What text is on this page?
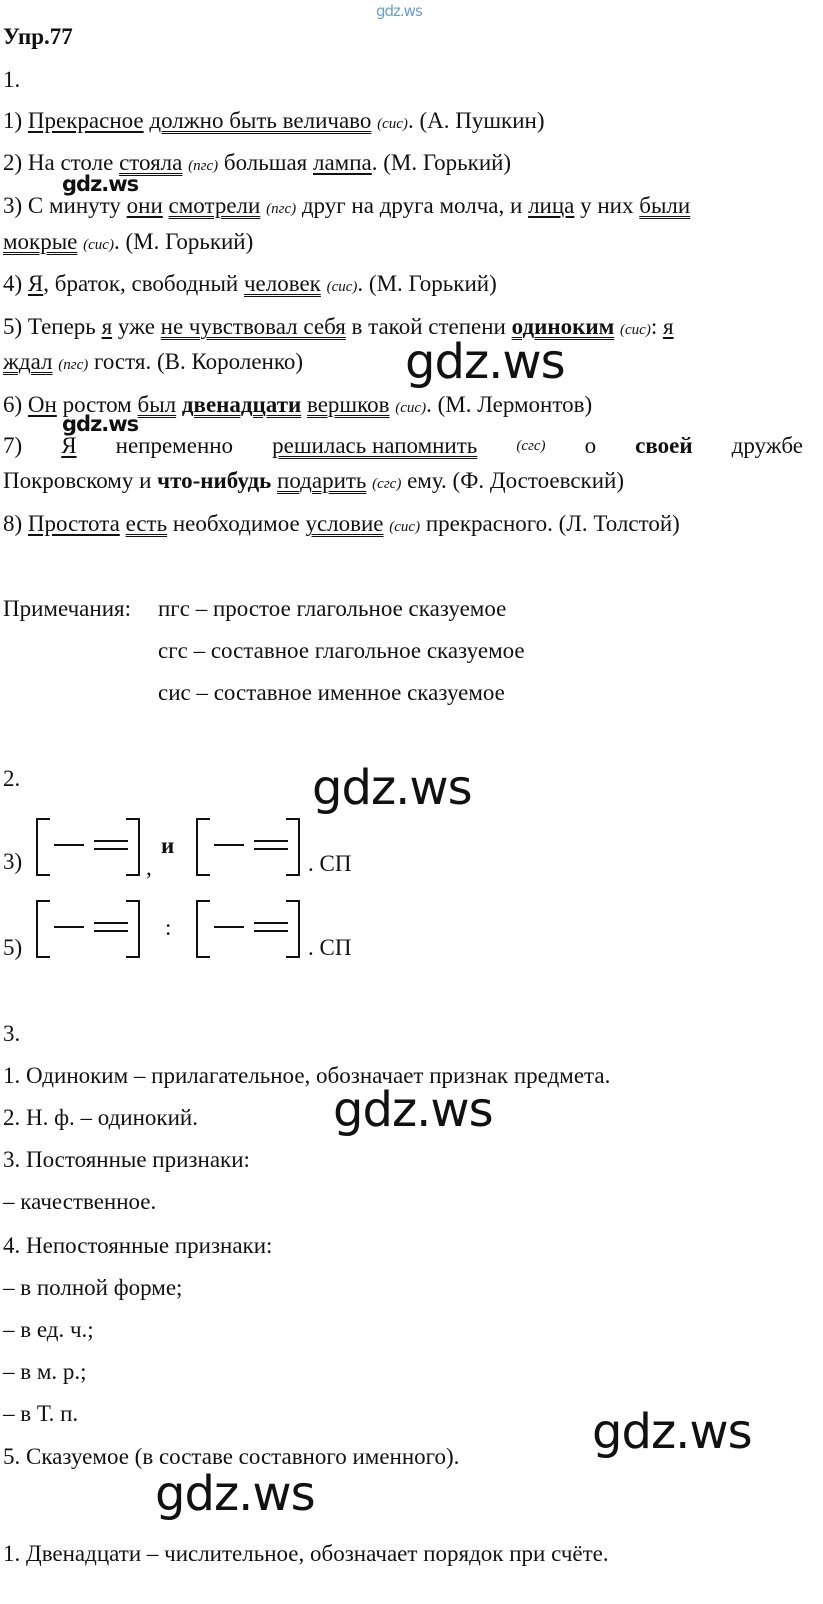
gdz.ws
Упр.77
1.
1) Прекрасное должно быть величаво (сис). (А. Пушкин)
2) На столе стояла (пгс) большая лампа. (М. Горький)
3) С минуту они смотрели (пгс) друг на друга молча, и лица у них были
мокрые (сис). (М. Горький)
4) Я, браток, свободный человек (сис). (М. Горький)
5) Теперь я уже не чувствовал себя в такой степени одиноким (сис): я
ждал (пгс) гостя. (В. Короленко)
6) Он ростом был двенадцати вершков (сис). (М. Лермонтов)
7) Я непременно решилась напомнить	(сгс) о своей дружбе
Покровскому и что-нибудь подарить (сгс) ему. (Ф. Достоевский)
8) Простота есть необходимое условие (сис) прекрасного. (Л. Толстой)
Примечания: пгс – простое глагольное сказуемое
сгс – составное глагольное сказуемое
сис – составное именное сказуемое
2.
3)	,
и
. СП
5)
:
. СП
3.
1. Одиноким – прилагательное, обозначает признак предмета.
2. Н. ф. – одинокий.
3. Постоянные признаки:
– качественное.
4. Непостоянные признаки:
– в полной форме;
– в ед. ч.;
– в м. р.;
– в Т. п.
5. Сказуемое (в составе составного именного).
1. Двенадцати – числительное, обозначает порядок при счёте.
gdz.ws
gdz.ws
gdz.ws
gdz.ws
gdz.ws
gdz.ws
gdz.ws
